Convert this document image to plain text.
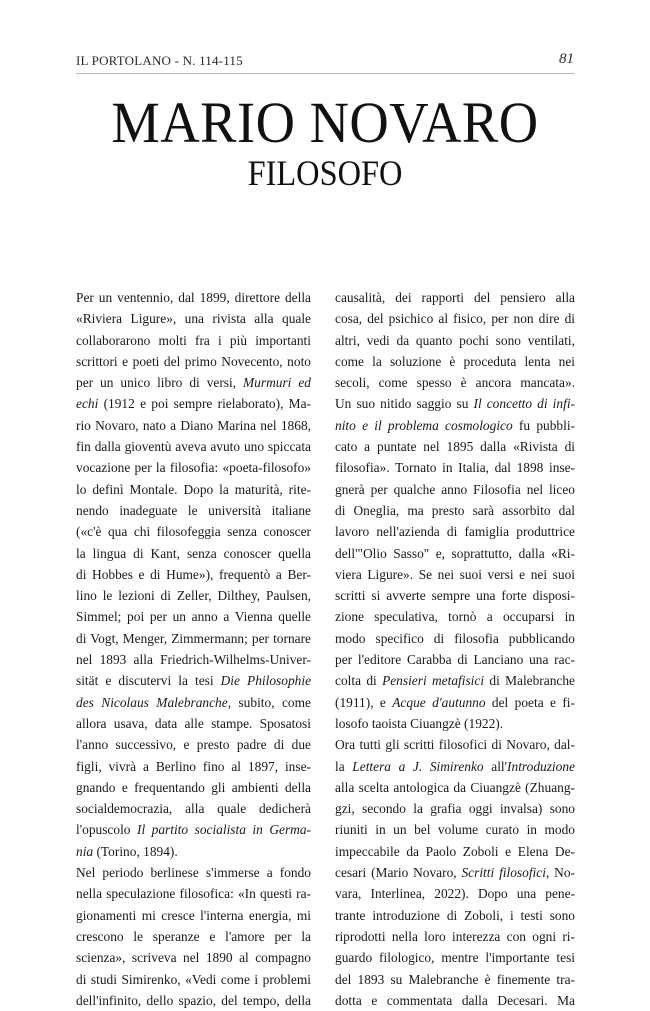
IL PORTOLANO - N. 114-115	81
MARIO NOVARO
FILOSOFO
Per un ventennio, dal 1899, direttore della
«Riviera Ligure», una rivista alla quale
collaborarono molti fra i più importanti
scrittori e poeti del primo Novecento, noto
per un unico libro di versi, Murmuri ed
echi (1912 e poi sempre rielaborato), Ma-
rio Novaro, nato a Diano Marina nel 1868,
fin dalla gioventù aveva avuto uno spiccata
vocazione per la filosofia: «poeta-filosofo»
lo definì Montale. Dopo la maturità, rite-
nendo inadeguate le università italiane
(«c'è qua chi filosofeggia senza conoscer
la lingua di Kant, senza conoscer quella
di Hobbes e di Hume»), frequentò a Ber-
lino le lezioni di Zeller, Dilthey, Paulsen,
Simmel; poi per un anno a Vienna quelle
di Vogt, Menger, Zimmermann; per tornare
nel 1893 alla Friedrich-Wilhelms-Univer-
sität e discutervi la tesi Die Philosophie
des Nicolaus Malebranche, subito, come
allora usava, data alle stampe. Sposatosi
l'anno successivo, e presto padre di due
figli, vivrà a Berlino fino al 1897, inse-
gnando e frequentando gli ambienti della
socialdemocrazia, alla quale dedicherà
l'opuscolo Il partito socialista in Germa-
nia (Torino, 1894).
Nel periodo berlinese s'immerse a fondo
nella speculazione filosofica: «In questi ra-
gionamenti mi cresce l'interna energia, mi
crescono le speranze e l'amore per la
scienza», scriveva nel 1890 al compagno
di studi Simirenko, «Vedi come i problemi
dell'infinito, dello spazio, del tempo, della
causalità, dei rapporti del pensiero alla
cosa, del psichico al fisico, per non dire di
altri, vedi da quanto pochi sono ventilati,
come la soluzione è proceduta lenta nei
secoli, come spesso è ancora mancata».
Un suo nitido saggio su Il concetto di infi-
nito e il problema cosmologico fu pubbli-
cato a puntate nel 1895 dalla «Rivista di
filosofia». Tornato in Italia, dal 1898 inse-
gnerà per qualche anno Filosofia nel liceo
di Oneglia, ma presto sarà assorbito dal
lavoro nell'azienda di famiglia produttrice
dell'"Olio Sasso" e, soprattutto, dalla «Ri-
viera Ligure». Se nei suoi versi e nei suoi
scritti si avverte sempre una forte disposi-
zione speculativa, tornò a occuparsi in
modo specifico di filosofia pubblicando
per l'editore Carabba di Lanciano una rac-
colta di Pensieri metafisici di Malebranche
(1911), e Acque d'autunno del poeta e fi-
losofo taoista Ciuangzè (1922).
Ora tutti gli scritti filosofici di Novaro, dal-
la Lettera a J. Simirenko all'Introduzione
alla scelta antologica da Ciuangzè (Zhuang-
gzi, secondo la grafia oggi invalsa) sono
riuniti in un bel volume curato in modo
impeccabile da Paolo Zoboli e Elena De-
cesari (Mario Novaro, Scritti filosofici, No-
vara, Interlinea, 2022). Dopo una pene-
trante introduzione di Zoboli, i testi sono
riprodotti nella loro interezza con ogni ri-
guardo filologico, mentre l'importante tesi
del 1893 su Malebranche è finemente tra-
dotta e commentata dalla Decesari. Ma
